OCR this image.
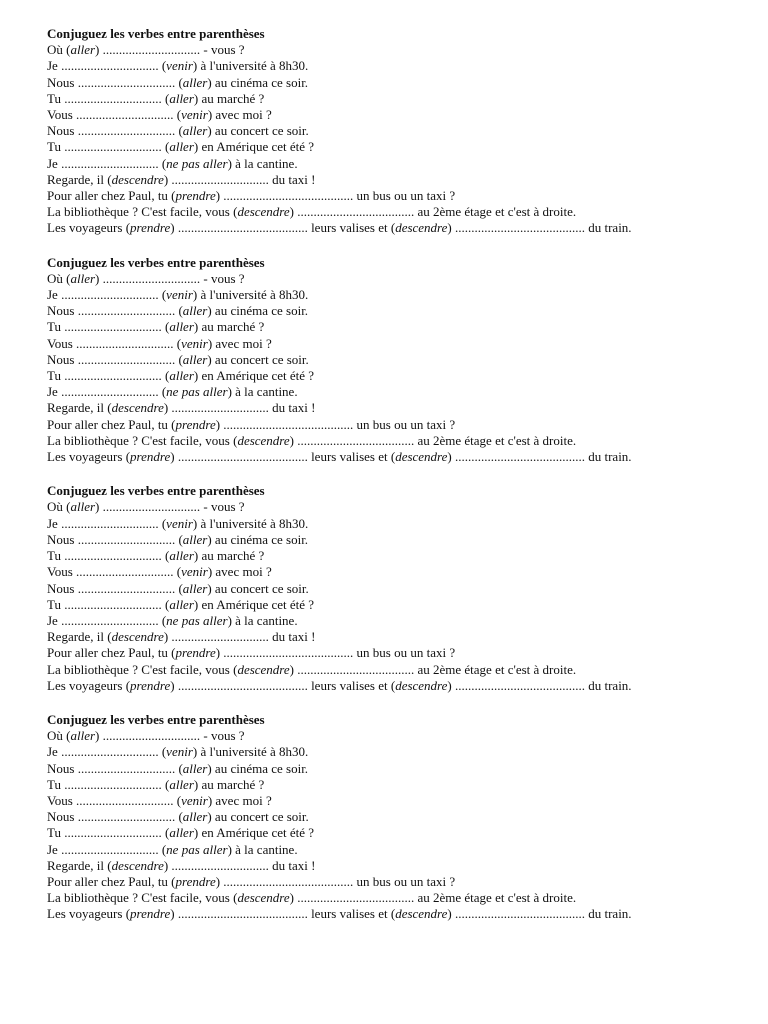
Conjuguez les verbes entre parenthèses
Où (aller) .............................. - vous ?
Je .............................. (venir) à l'université à 8h30.
Nous .............................. (aller) au cinéma ce soir.
Tu .............................. (aller) au marché ?
Vous .............................. (venir) avec moi ?
Nous .............................. (aller) au concert ce soir.
Tu .............................. (aller) en Amérique cet été ?
Je .............................. (ne pas aller) à la cantine.
Regarde, il (descendre) .............................. du taxi !
Pour aller chez Paul, tu (prendre) ........................................ un bus ou un taxi ?
La bibliothèque ? C'est facile, vous (descendre) .................................... au 2ème étage et c'est à droite.
Les voyageurs (prendre) ........................................ leurs valises et (descendre) ........................................ du train.
Conjuguez les verbes entre parenthèses
Où (aller) .............................. - vous ?
Je .............................. (venir) à l'université à 8h30.
Nous .............................. (aller) au cinéma ce soir.
Tu .............................. (aller) au marché ?
Vous .............................. (venir) avec moi ?
Nous .............................. (aller) au concert ce soir.
Tu .............................. (aller) en Amérique cet été ?
Je .............................. (ne pas aller) à la cantine.
Regarde, il (descendre) .............................. du taxi !
Pour aller chez Paul, tu (prendre) ........................................ un bus ou un taxi ?
La bibliothèque ? C'est facile, vous (descendre) .................................... au 2ème étage et c'est à droite.
Les voyageurs (prendre) ........................................ leurs valises et (descendre) ........................................ du train.
Conjuguez les verbes entre parenthèses
Où (aller) .............................. - vous ?
Je .............................. (venir) à l'université à 8h30.
Nous .............................. (aller) au cinéma ce soir.
Tu .............................. (aller) au marché ?
Vous .............................. (venir) avec moi ?
Nous .............................. (aller) au concert ce soir.
Tu .............................. (aller) en Amérique cet été ?
Je .............................. (ne pas aller) à la cantine.
Regarde, il (descendre) .............................. du taxi !
Pour aller chez Paul, tu (prendre) ........................................ un bus ou un taxi ?
La bibliothèque ? C'est facile, vous (descendre) .................................... au 2ème étage et c'est à droite.
Les voyageurs (prendre) ........................................ leurs valises et (descendre) ........................................ du train.
Conjuguez les verbes entre parenthèses
Où (aller) .............................. - vous ?
Je .............................. (venir) à l'université à 8h30.
Nous .............................. (aller) au cinéma ce soir.
Tu .............................. (aller) au marché ?
Vous .............................. (venir) avec moi ?
Nous .............................. (aller) au concert ce soir.
Tu .............................. (aller) en Amérique cet été ?
Je .............................. (ne pas aller) à la cantine.
Regarde, il (descendre) .............................. du taxi !
Pour aller chez Paul, tu (prendre) ........................................ un bus ou un taxi ?
La bibliothèque ? C'est facile, vous (descendre) .................................... au 2ème étage et c'est à droite.
Les voyageurs (prendre) ........................................ leurs valises et (descendre) ........................................ du train.
